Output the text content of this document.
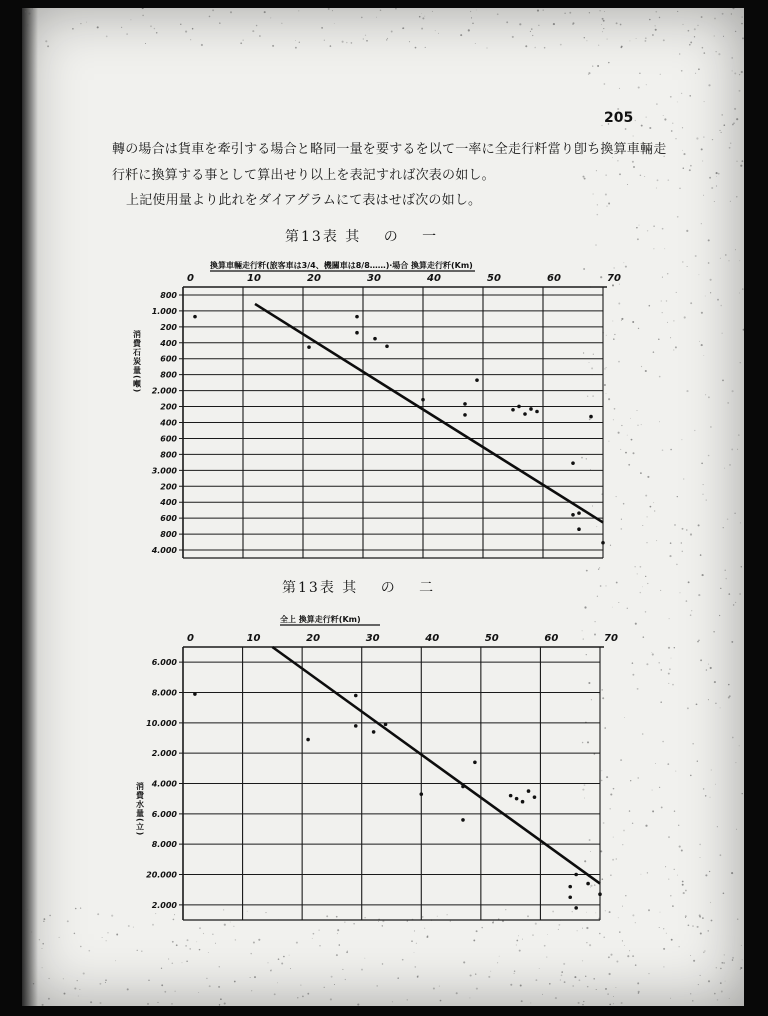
205
轉の場合は貨車を牽引する場合と略同一量を要するを以て一率に全走行粁當り卽ち換算車輛走
行粁に換算する事として算出せり以上を表記すれば次表の如し。
上記使用量より此れをダイアグラムにて表はせば次の如し。
第13表 其　 の　 一
第13表 其　 の　 二
換算車輛走行粁(旅客車は3/4、機關車は8/8……)‧場合 換算走行粁(Km)
0	10	20	30	40	50	60	70
800
1.000
200
400
600
800
2.000
200
400
600
800
3.000
200
400
600
800
4.000
消費石炭量(噸)
全上 換算走行粁(Km)
0	10	20	30	40	50	60	70
6.000
8.000
10.000
2.000
4.000
6.000
8.000
20.000
2.000
消費水量(立)
